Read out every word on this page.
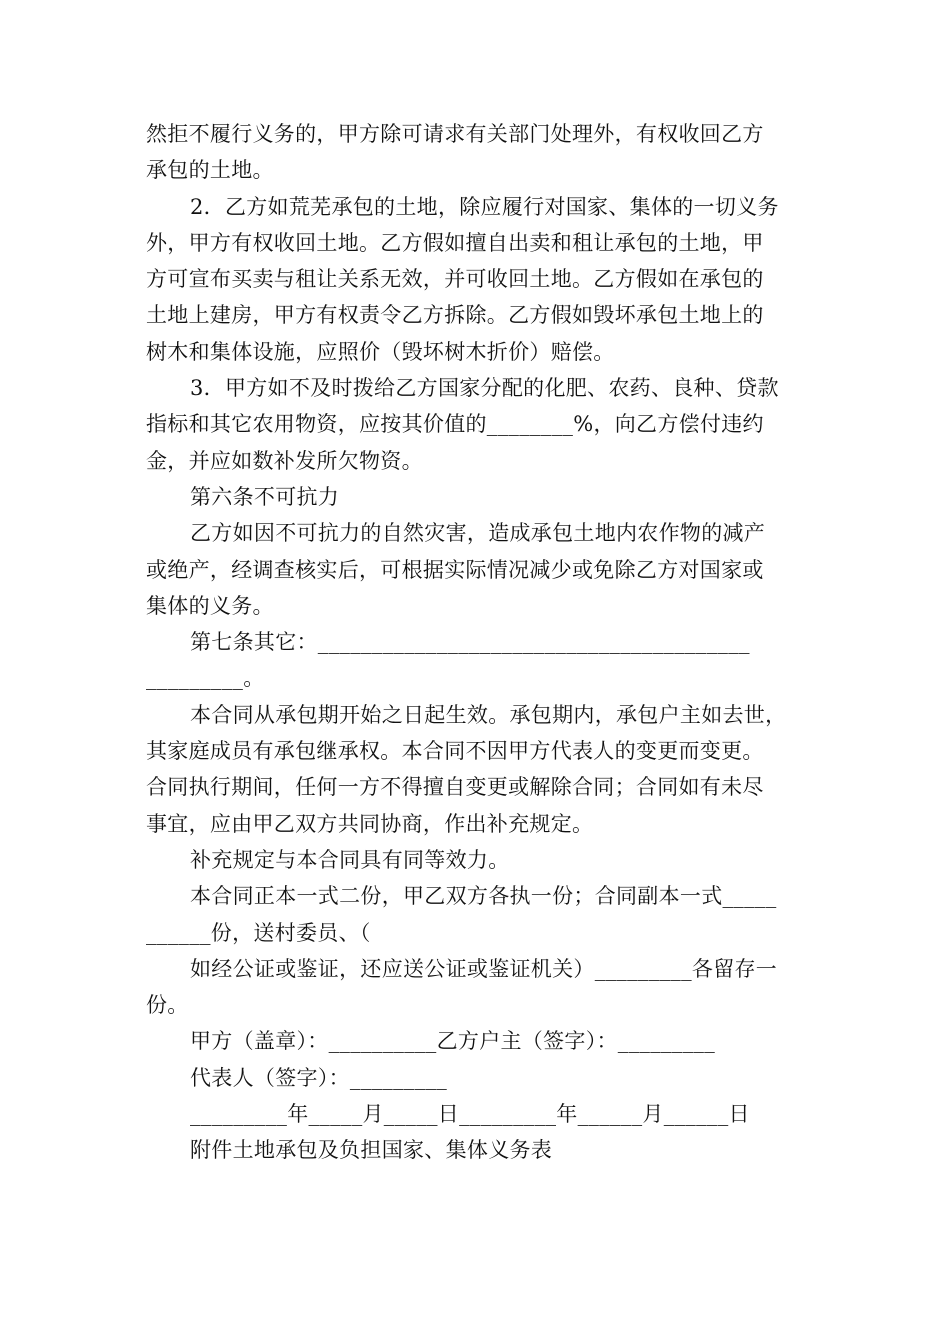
然拒不履行义务的，甲方除可请求有关部门处理外，有权收回乙方
承包的土地。
2．乙方如荒芜承包的土地，除应履行对国家、集体的一切义务
外，甲方有权收回土地。乙方假如擅自出卖和租让承包的土地，甲
方可宣布买卖与租让关系无效，并可收回土地。乙方假如在承包的
土地上建房，甲方有权责令乙方拆除。乙方假如毁坏承包土地上的
树木和集体设施，应照价（毁坏树木折价）赔偿。
3．甲方如不及时拨给乙方国家分配的化肥、农药、良种、贷款
指标和其它农用物资，应按其价值的________%，向乙方偿付违约
金，并应如数补发所欠物资。
第六条不可抗力
乙方如因不可抗力的自然灾害，造成承包土地内农作物的减产
或绝产，经调查核实后，可根据实际情况减少或免除乙方对国家或
集体的义务。
第七条其它：________________________________________
_________。
本合同从承包期开始之日起生效。承包期内，承包户主如去世，
其家庭成员有承包继承权。本合同不因甲方代表人的变更而变更。
合同执行期间，任何一方不得擅自变更或解除合同；合同如有未尽
事宜，应由甲乙双方共同协商，作出补充规定。
补充规定与本合同具有同等效力。
本合同正本一式二份，甲乙双方各执一份；合同副本一式_____
______份，送村委员、（
如经公证或鉴证，还应送公证或鉴证机关）_________各留存一
份。
甲方（盖章）：__________乙方户主（签字）：_________
代表人（签字）：_________
_________年_____月_____日_________年______月______日
附件土地承包及负担国家、集体义务表
